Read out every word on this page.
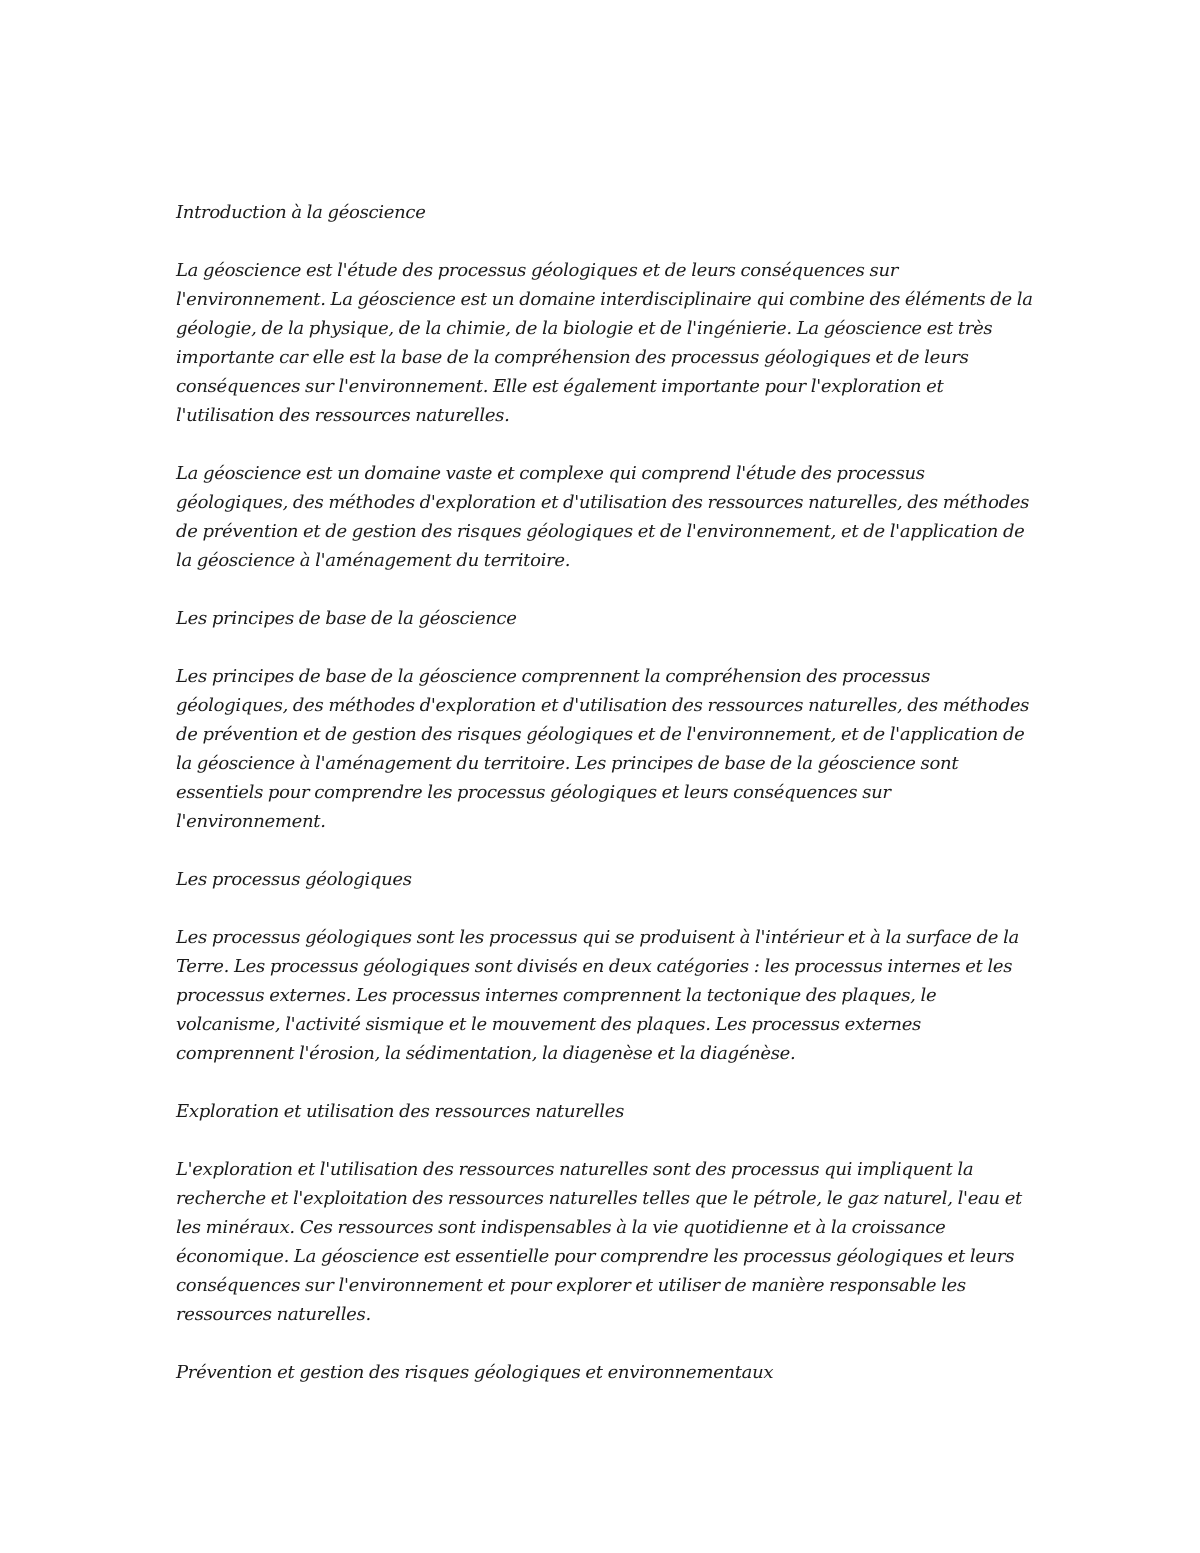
Introduction à la géoscience

La géoscience est l'étude des processus géologiques et de leurs conséquences sur l'environnement. La géoscience est un domaine interdisciplinaire qui combine des éléments de la géologie, de la physique, de la chimie, de la biologie et de l'ingénierie. La géoscience est très importante car elle est la base de la compréhension des processus géologiques et de leurs conséquences sur l'environnement. Elle est également importante pour l'exploration et l'utilisation des ressources naturelles.

La géoscience est un domaine vaste et complexe qui comprend l'étude des processus géologiques, des méthodes d'exploration et d'utilisation des ressources naturelles, des méthodes de prévention et de gestion des risques géologiques et de l'environnement, et de l'application de la géoscience à l'aménagement du territoire.

Les principes de base de la géoscience

Les principes de base de la géoscience comprennent la compréhension des processus géologiques, des méthodes d'exploration et d'utilisation des ressources naturelles, des méthodes de prévention et de gestion des risques géologiques et de l'environnement, et de l'application de la géoscience à l'aménagement du territoire. Les principes de base de la géoscience sont essentiels pour comprendre les processus géologiques et leurs conséquences sur l'environnement.

Les processus géologiques

Les processus géologiques sont les processus qui se produisent à l'intérieur et à la surface de la Terre. Les processus géologiques sont divisés en deux catégories : les processus internes et les processus externes. Les processus internes comprennent la tectonique des plaques, le volcanisme, l'activité sismique et le mouvement des plaques. Les processus externes comprennent l'érosion, la sédimentation, la diagenèse et la diagénèse.

Exploration et utilisation des ressources naturelles

L'exploration et l'utilisation des ressources naturelles sont des processus qui impliquent la recherche et l'exploitation des ressources naturelles telles que le pétrole, le gaz naturel, l'eau et les minéraux. Ces ressources sont indispensables à la vie quotidienne et à la croissance économique. La géoscience est essentielle pour comprendre les processus géologiques et leurs conséquences sur l'environnement et pour explorer et utiliser de manière responsable les ressources naturelles.

Prévention et gestion des risques géologiques et environnementaux
